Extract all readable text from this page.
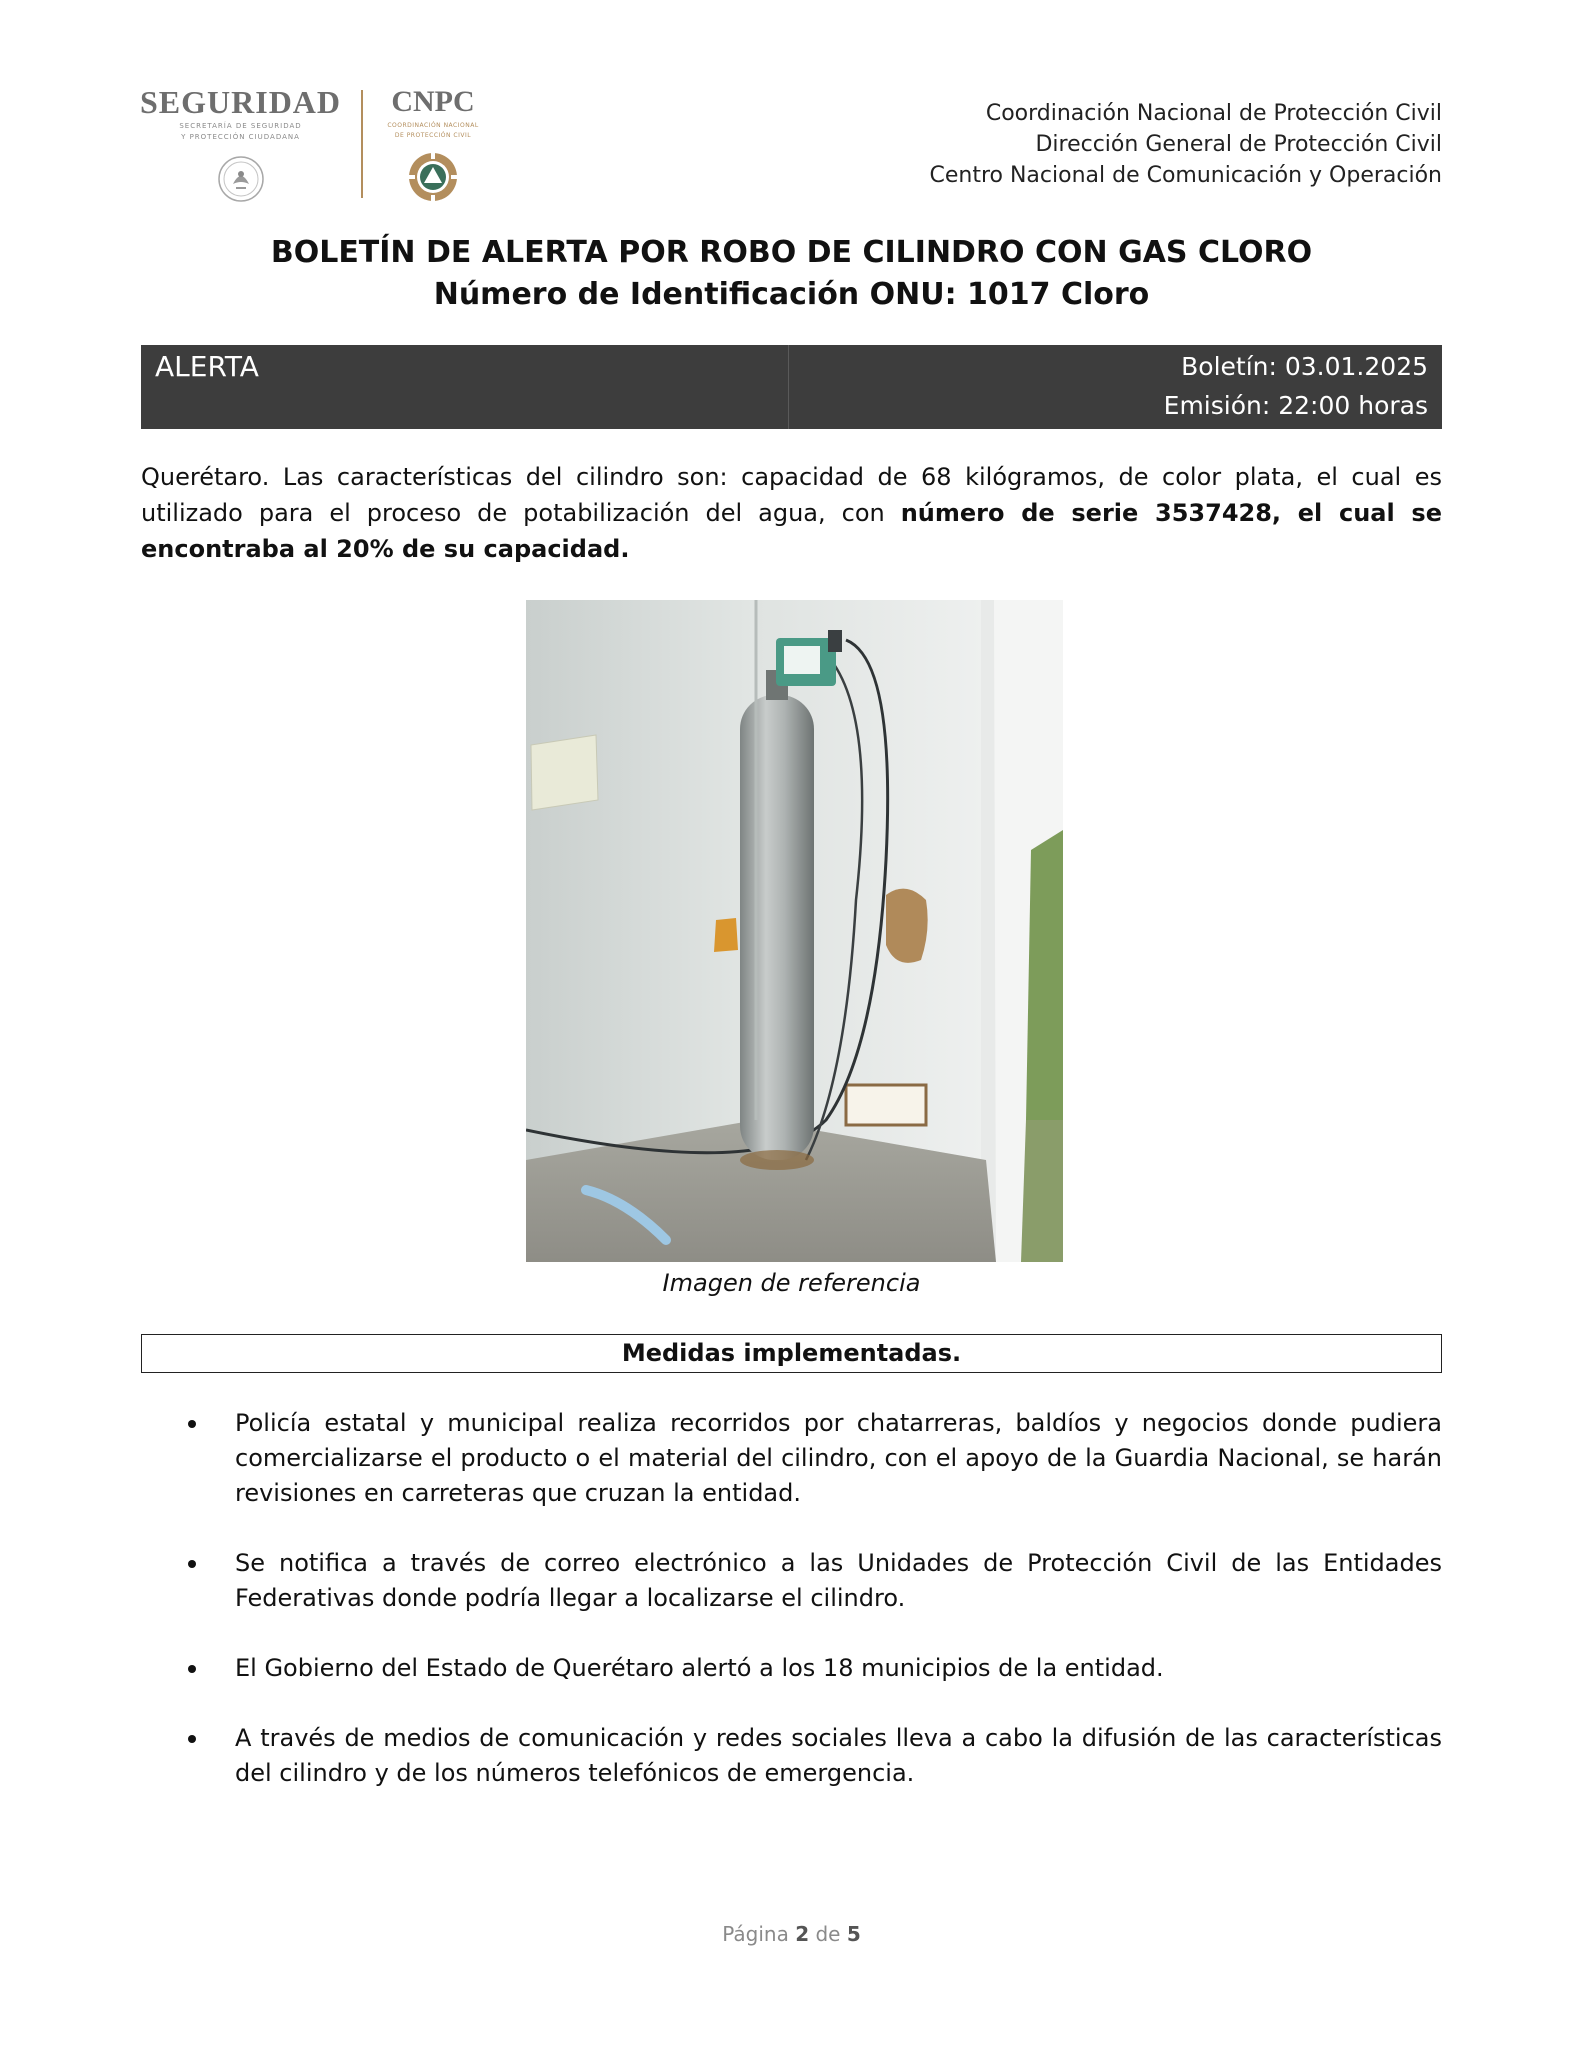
SEGURIDAD
SECRETARÍA DE SEGURIDAD
Y PROTECCIÓN CIUDADANA
CNPC
COORDINACIÓN NACIONAL
DE PROTECCIÓN CIVIL
Coordinación Nacional de Protección Civil
Dirección General de Protección Civil
Centro Nacional de Comunicación y Operación
BOLETÍN DE ALERTA POR ROBO DE CILINDRO CON GAS CLORO
Número de Identificación ONU: 1017 Cloro
ALERTA	Boletín: 03.01.2025
Emisión: 22:00 horas

Querétaro. Las características del cilindro son: capacidad de 68 kilógramos, de color plata, el cual es utilizado para el proceso de potabilización del agua, con número de serie 3537428, el cual se encontraba al 20% de su capacidad.

Imagen de referencia
Medidas implementadas.
Policía estatal y municipal realiza recorridos por chatarreras, baldíos y negocios donde pudiera comercializarse el producto o el material del cilindro, con el apoyo de la Guardia Nacional, se harán revisiones en carreteras que cruzan la entidad.
Se notifica a través de correo electrónico a las Unidades de Protección Civil de las Entidades Federativas donde podría llegar a localizarse el cilindro.
El Gobierno del Estado de Querétaro alertó a los 18 municipios de la entidad.
A través de medios de comunicación y redes sociales lleva a cabo la difusión de las características del cilindro y de los números telefónicos de emergencia.
Página 2 de 5
